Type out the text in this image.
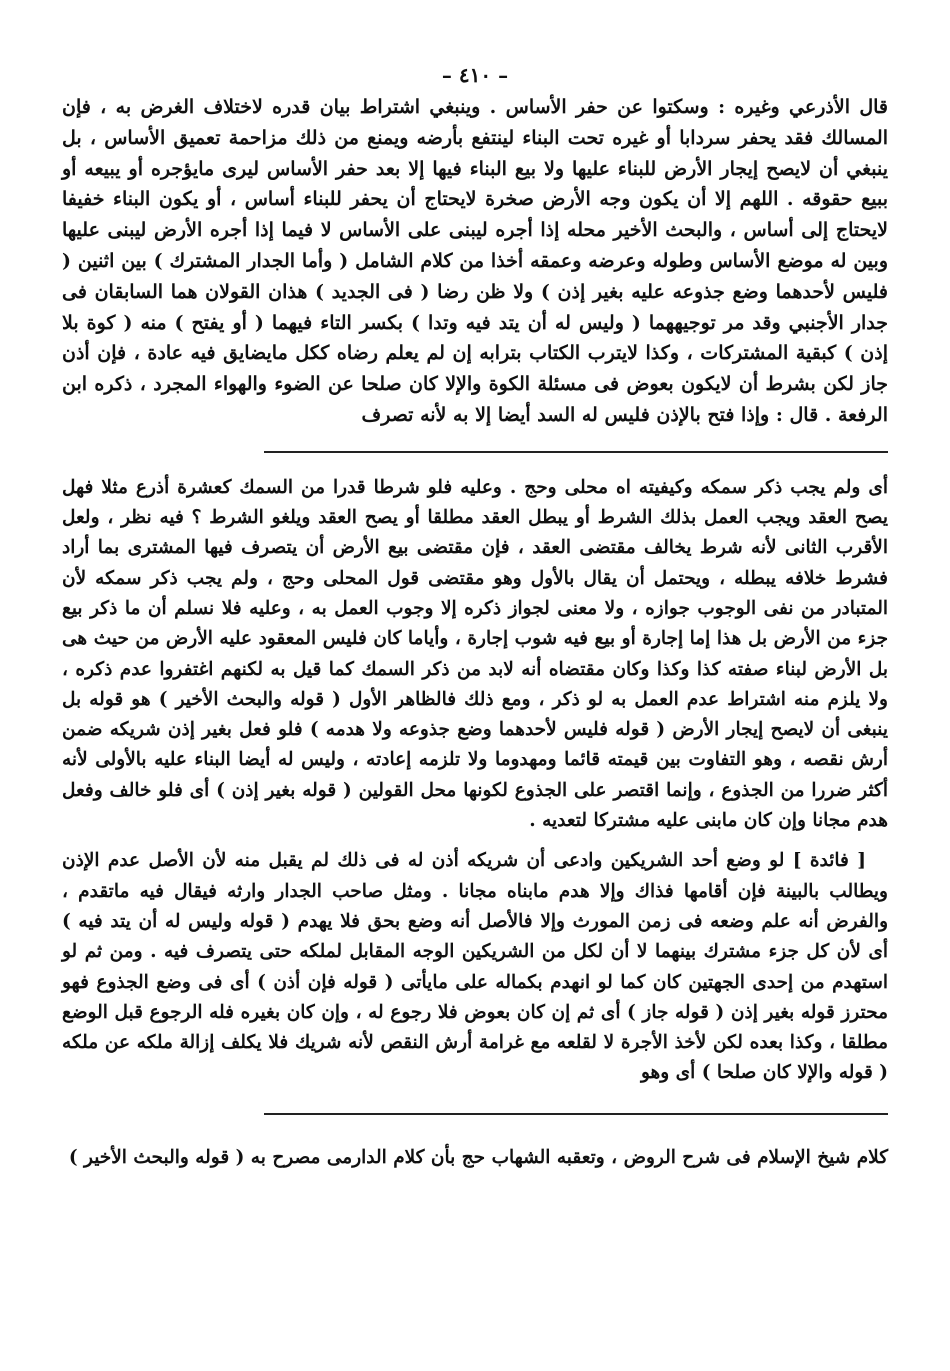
– ٤١٠ –

قال الأذرعي وغيره : وسكتوا عن حفر الأساس . وينبغي اشتراط بيان قدره لاختلاف الغرض به ، فإن المسالك فقد يحفر سردابا أو غيره تحت البناء لينتفع بأرضه ويمنع من ذلك مزاحمة تعميق الأساس ، بل ينبغي أن لايصح إيجار الأرض للبناء عليها ولا بيع البناء فيها إلا بعد حفر الأساس ليرى مايؤجره أو يبيعه أو ببيع حقوقه . اللهم إلا أن يكون وجه الأرض صخرة لايحتاج أن يحفر للبناء أساس ، أو يكون البناء خفيفا لايحتاج إلى أساس ، والبحث الأخير محله إذا أجره ليبنى على الأساس لا فيما إذا أجره الأرض ليبنى عليها وبين له موضع الأساس وطوله وعرضه وعمقه أخذا من كلام الشامل ( وأما الجدار المشترك ) بين اثنين ( فليس لأحدهما وضع جذوعه عليه بغير إذن ) ولا ظن رضا ( فى الجديد ) هذان القولان هما السابقان فى جدار الأجنبي وقد مر توجيههما ( وليس له أن يتد فيه وتدا ) بكسر التاء فيهما ( أو يفتح ) منه ( كوة بلا إذن ) كبقية المشتركات ، وكذا لايترب الكتاب بترابه إن لم يعلم رضاه ككل مايضايق فيه عادة ، فإن أذن جاز لكن بشرط أن لايكون بعوض فى مسئلة الكوة والإلا كان صلحا عن الضوء والهواء المجرد ، ذكره ابن الرفعة . قال : وإذا فتح بالإذن فليس له السد أيضا إلا به لأنه تصرف

أى ولم يجب ذكر سمكه وكيفيته اه محلى وحج . وعليه فلو شرطا قدرا من السمك كعشرة أذرع مثلا فهل يصح العقد ويجب العمل بذلك الشرط أو يبطل العقد مطلقا أو يصح العقد ويلغو الشرط ؟ فيه نظر ، ولعل الأقرب الثانى لأنه شرط يخالف مقتضى العقد ، فإن مقتضى بيع الأرض أن يتصرف فيها المشترى بما أراد فشرط خلافه يبطله ، ويحتمل أن يقال بالأول وهو مقتضى قول المحلى وحج ، ولم يجب ذكر سمكه لأن المتبادر من نفى الوجوب جوازه ، ولا معنى لجواز ذكره إلا وجوب العمل به ، وعليه فلا نسلم أن ما ذكر بيع جزء من الأرض بل هذا إما إجارة أو بيع فيه شوب إجارة ، وأياما كان فليس المعقود عليه الأرض من حيث هى بل الأرض لبناء صفته كذا وكذا وكان مقتضاه أنه لابد من ذكر السمك كما قيل به لكنهم اغتفروا عدم ذكره ، ولا يلزم منه اشتراط عدم العمل به لو ذكر ، ومع ذلك فالظاهر الأول ( قوله والبحث الأخير ) هو قوله بل ينبغى أن لايصح إيجار الأرض ( قوله فليس لأحدهما وضع جذوعه ولا هدمه ) فلو فعل بغير إذن شريكه ضمن أرش نقصه ، وهو التفاوت بين قيمته قائما ومهدوما ولا تلزمه إعادته ، وليس له أيضا البناء عليه بالأولى لأنه أكثر ضررا من الجذوع ، وإنما اقتصر على الجذوع لكونها محل القولين ( قوله بغير إذن ) أى فلو خالف وفعل هدم مجانا وإن كان مابنى عليه مشتركا لتعديه .

[ فائدة ] لو وضع أحد الشريكين وادعى أن شريكه أذن له فى ذلك لم يقبل منه لأن الأصل عدم الإذن ويطالب بالبينة فإن أقامها فذاك وإلا هدم مابناه مجانا . ومثل صاحب الجدار وارثه فيقال فيه ماتقدم ، والفرض أنه علم وضعه فى زمن المورث وإلا فالأصل أنه وضع بحق فلا يهدم ( قوله وليس له أن يتد فيه ) أى لأن كل جزء مشترك بينهما لا أن لكل من الشريكين الوجه المقابل لملكه حتى يتصرف فيه . ومن ثم لو استهدم من إحدى الجهتين كان كما لو انهدم بكماله على مايأتى ( قوله فإن أذن ) أى فى وضع الجذوع فهو محترز قوله بغير إذن ( قوله جاز ) أى ثم إن كان بعوض فلا رجوع له ، وإن كان بغيره فله الرجوع قبل الوضع مطلقا ، وكذا بعده لكن لأخذ الأجرة لا لقلعه مع غرامة أرش النقص لأنه شريك فلا يكلف إزالة ملكه عن ملكه ( قوله والإلا كان صلحا ) أى وهو

كلام شيخ الإسلام فى شرح الروض ، وتعقبه الشهاب حج بأن كلام الدارمى مصرح به ( قوله والبحث الأخير )
